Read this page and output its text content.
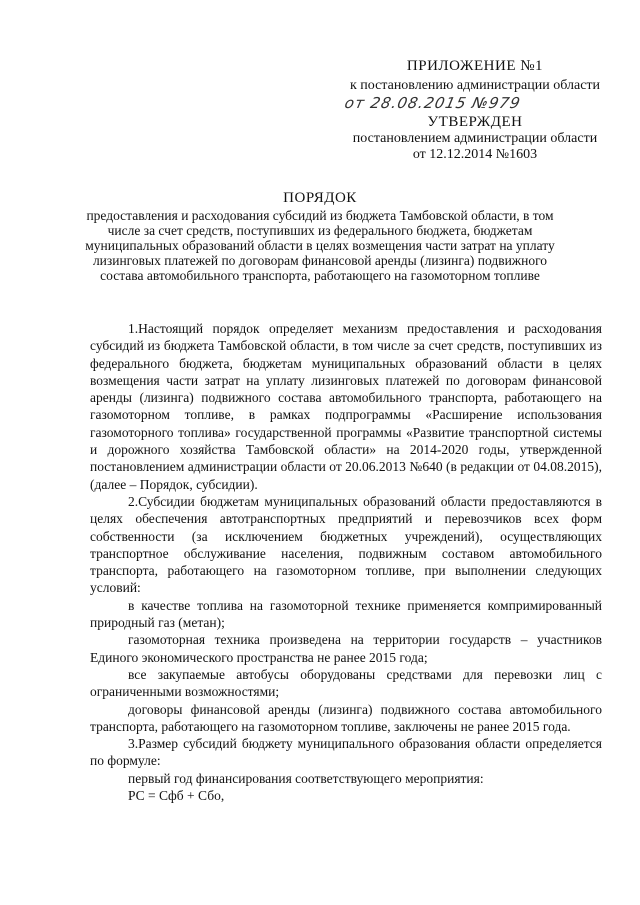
ПРИЛОЖЕНИЕ №1
к постановлению администрации области
от 28.08.2015 №979
УТВЕРЖДЕН
постановлением администрации области
от 12.12.2014 №1603
ПОРЯДОК
предоставления и расходования субсидий из бюджета Тамбовской области, в том числе за счет средств, поступивших из федерального бюджета, бюджетам муниципальных образований области в целях возмещения части затрат на уплату лизинговых платежей по договорам финансовой аренды (лизинга) подвижного состава автомобильного транспорта, работающего на газомоторном топливе

1.Настоящий порядок определяет механизм предоставления и расходования субсидий из бюджета Тамбовской области, в том числе за счет средств, поступивших из федерального бюджета, бюджетам муниципальных образований области в целях возмещения части затрат на уплату лизинговых платежей по договорам финансовой аренды (лизинга) подвижного состава автомобильного транспорта, работающего на газомоторном топливе, в рамках подпрограммы «Расширение использования газомоторного топлива» государственной программы «Развитие транспортной системы и дорожного хозяйства Тамбовской области» на 2014-2020 годы, утвержденной постановлением администрации области от 20.06.2013 №640 (в редакции от 04.08.2015), (далее – Порядок, субсидии).

2.Субсидии бюджетам муниципальных образований области предоставляются в целях обеспечения автотранспортных предприятий и перевозчиков всех форм собственности (за исключением бюджетных учреждений), осуществляющих транспортное обслуживание населения, подвижным составом автомобильного транспорта, работающего на газомоторном топливе, при выполнении следующих условий:

в качестве топлива на газомоторной технике применяется компримированный природный газ (метан);

газомоторная техника произведена на территории государств – участников Единого экономического пространства не ранее 2015 года;

все закупаемые автобусы оборудованы средствами для перевозки лиц с ограниченными возможностями;

договоры финансовой аренды (лизинга) подвижного состава автомобильного транспорта, работающего на газомоторном топливе, заключены не ранее 2015 года.

3.Размер субсидий бюджету муниципального образования области определяется по формуле:

первый год финансирования соответствующего мероприятия:

РС = Сфб + Сбо,
